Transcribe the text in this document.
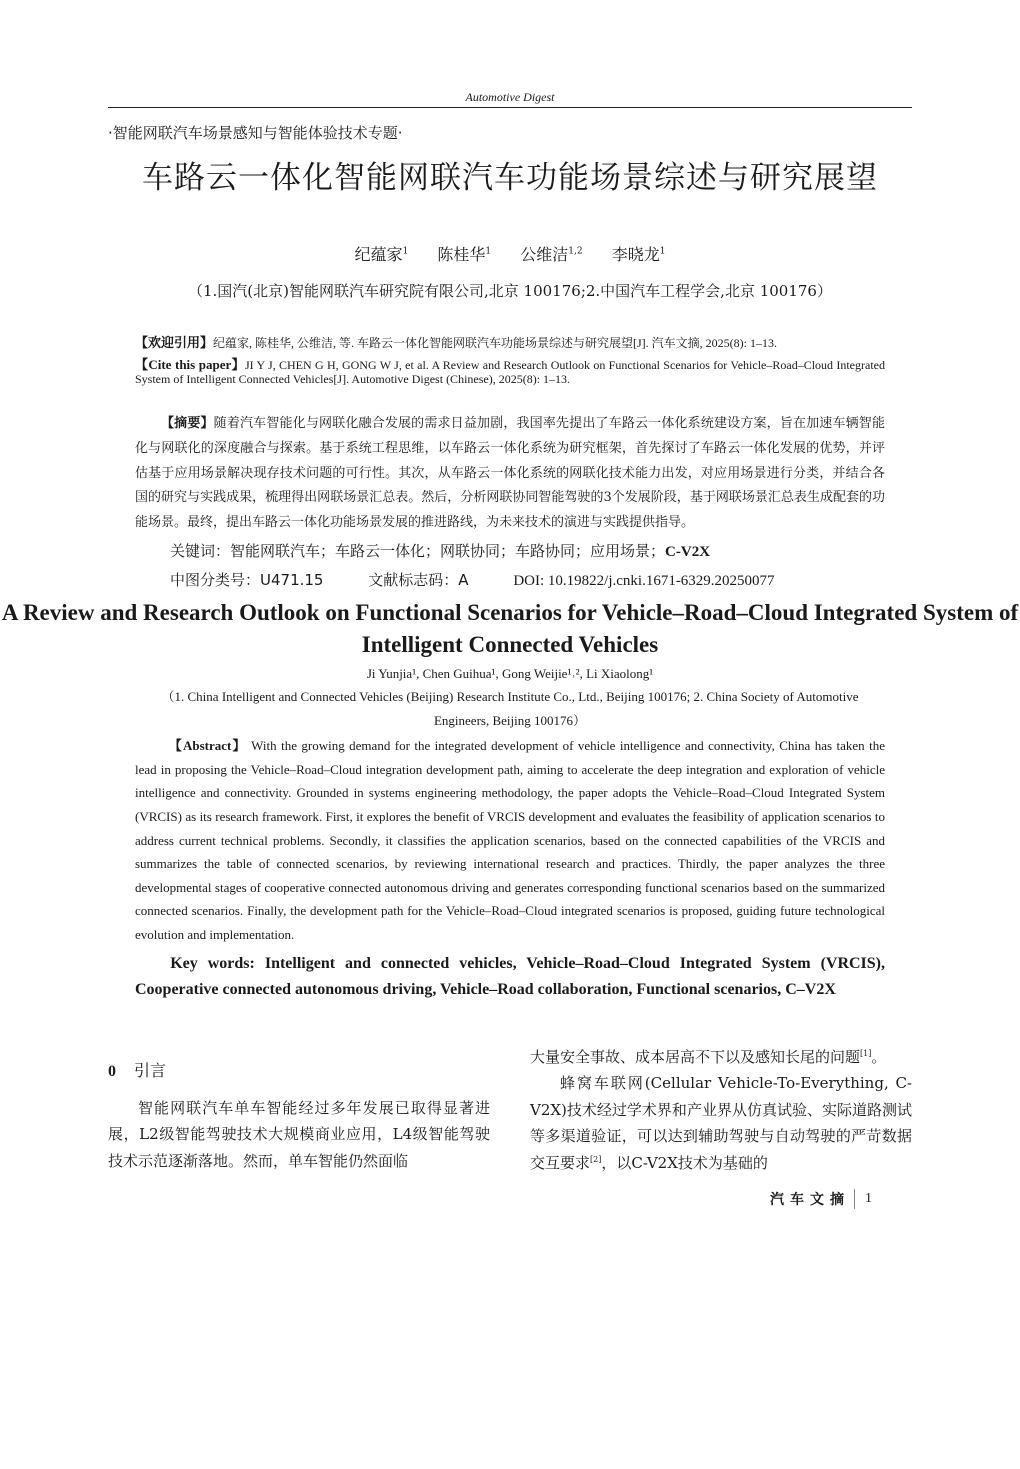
Automotive Digest
·智能网联汽车场景感知与智能体验技术专题·
车路云一体化智能网联汽车功能场景综述与研究展望
纪蕴家$^1$ 陈桂华$^1$ 公维洁$^{1,2}$ 李晓龙$^1$
（1.国汽(北京)智能网联汽车研究院有限公司,北京 100176;2.中国汽车工程学会,北京 100176）
【欢迎引用】纪蕴家, 陈桂华, 公维洁, 等. 车路云一体化智能网联汽车功能场景综述与研究展望[J]. 汽车文摘, 2025(8): 1–13.
【Cite this paper】JI Y J, CHEN G H, GONG W J, et al. A Review and Research Outlook on Functional Scenarios for Vehicle–Road–Cloud Integrated System of Intelligent Connected Vehicles[J]. Automotive Digest (Chinese), 2025(8): 1–13.
【摘要】随着汽车智能化与网联化融合发展的需求日益加剧，我国率先提出了车路云一体化系统建设方案，旨在加速车辆智能化与网联化的深度融合与探索。基于系统工程思维，以车路云一体化系统为研究框架，首先探讨了车路云一体化发展的优势，并评估基于应用场景解决现存技术问题的可行性。其次，从车路云一体化系统的网联化技术能力出发，对应用场景进行分类，并结合各国的研究与实践成果，梳理得出网联场景汇总表。然后，分析网联协同智能驾驶的3个发展阶段，基于网联场景汇总表生成配套的功能场景。最终，提出车路云一体化功能场景发展的推进路线，为未来技术的演进与实践提供指导。
关键词：智能网联汽车；车路云一体化；网联协同；车路协同；应用场景；C-V2X
中图分类号：U471.15	文献标志码：A	DOI: 10.19822/j.cnki.1671-6329.20250077
A Review and Research Outlook on Functional Scenarios for Vehicle–Road–Cloud Integrated System of Intelligent Connected Vehicles
Ji Yunjia¹, Chen Guihua¹, Gong Weijie¹˒², Li Xiaolong¹
（1. China Intelligent and Connected Vehicles (Beijing) Research Institute Co., Ltd., Beijing 100176; 2. China Society of Automotive Engineers, Beijing 100176）
【Abstract】 With the growing demand for the integrated development of vehicle intelligence and connectivity, China has taken the lead in proposing the Vehicle–Road–Cloud integration development path, aiming to accelerate the deep integration and exploration of vehicle intelligence and connectivity. Grounded in systems engineering methodology, the paper adopts the Vehicle–Road–Cloud Integrated System (VRCIS) as its research framework. First, it explores the benefit of VRCIS development and evaluates the feasibility of application scenarios to address current technical problems. Secondly, it classifies the application scenarios, based on the connected capabilities of the VRCIS and summarizes the table of connected scenarios, by reviewing international research and practices. Thirdly, the paper analyzes the three developmental stages of cooperative connected autonomous driving and generates corresponding functional scenarios based on the summarized connected scenarios. Finally, the development path for the Vehicle–Road–Cloud integrated scenarios is proposed, guiding future technological evolution and implementation.
Key words: Intelligent and connected vehicles, Vehicle–Road–Cloud Integrated System (VRCIS), Cooperative connected autonomous driving, Vehicle–Road collaboration, Functional scenarios, C–V2X
0 引言

智能网联汽车单车智能经过多年发展已取得显著进展，L2级智能驾驶技术大规模商业应用，L4级智能驾驶技术示范逐渐落地。然而，单车智能仍然面临

大量安全事故、成本居高不下以及感知长尾的问题[1]。

蜂窝车联网(Cellular Vehicle-To-Everything, C-V2X)技术经过学术界和产业界从仿真试验、实际道路测试等多渠道验证，可以达到辅助驾驶与自动驾驶的严苛数据交互要求[2]，以C-V2X技术为基础的

汽车文摘 1
